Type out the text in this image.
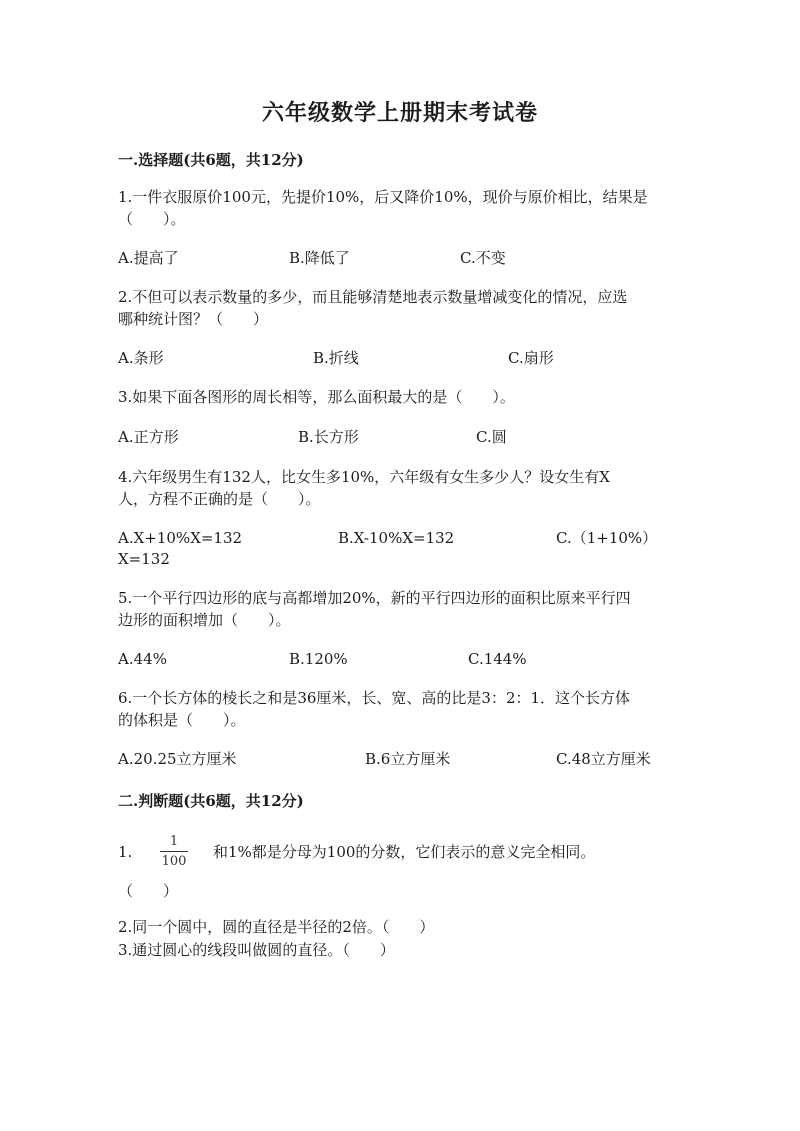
六年级数学上册期末考试卷
一.选择题(共6题，共12分)
1.一件衣服原价100元，先提价10%，后又降价10%，现价与原价相比，结果是
（　　）。
A.提高了	B.降低了	C.不变
2.不但可以表示数量的多少，而且能够清楚地表示数量增减变化的情况，应选
哪种统计图？（　　）
A.条形	B.折线	C.扇形
3.如果下面各图形的周长相等，那么面积最大的是（　　）。
A.正方形	B.长方形	C.圆
4.六年级男生有132人，比女生多10%，六年级有女生多少人？设女生有X
人，方程不正确的是（　　）。
A.X+10%X=132	B.X-10%X=132	C.（1+10%）
X=132
5.一个平行四边形的底与高都增加20%，新的平行四边形的面积比原来平行四
边形的面积增加（　　）。
A.44%	B.120%	C.144%
6.一个长方体的棱长之和是36厘米，长、宽、高的比是3：2：1．这个长方体
的体积是（　　）。
A.20.25立方厘米	B.6立方厘米	C.48立方厘米
二.判断题(共6题，共12分)
1.
1
100
和1%都是分母为100的分数，它们表示的意义完全相同。
（　　）
2.同一个圆中，圆的直径是半径的2倍。（　　）
3.通过圆心的线段叫做圆的直径。（　　）
